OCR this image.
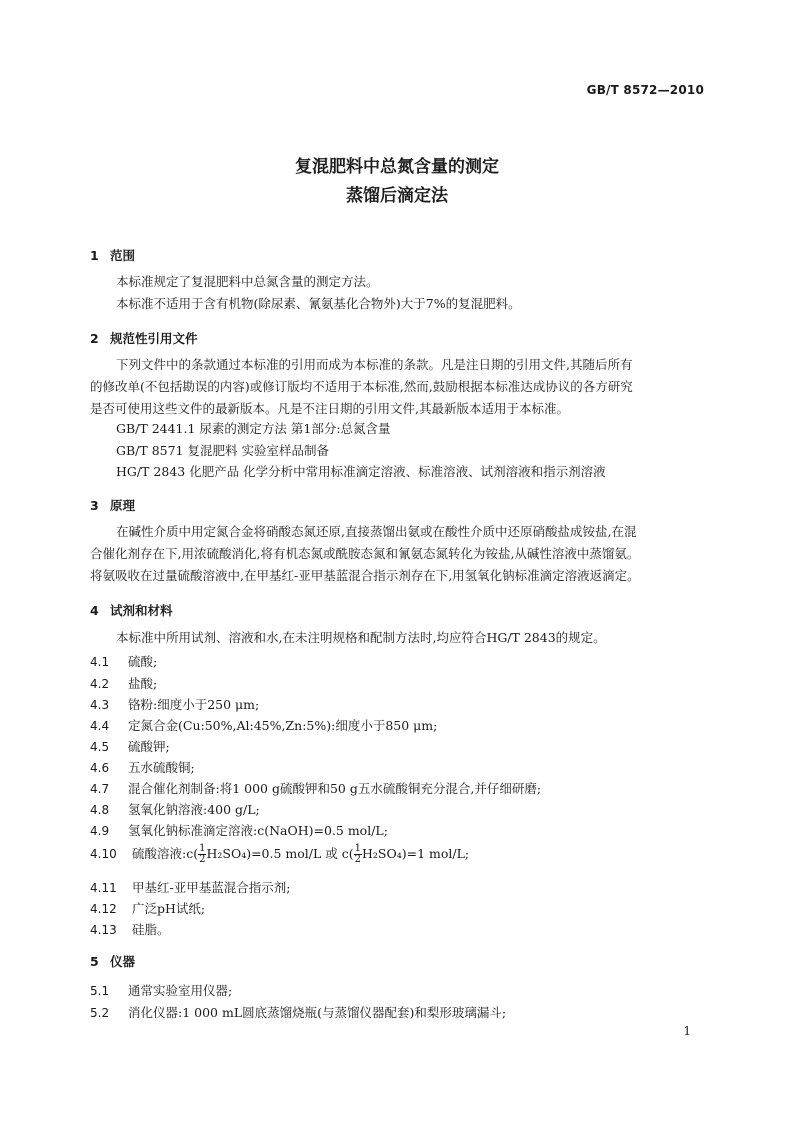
GB/T 8572—2010
复混肥料中总氮含量的测定
蒸馏后滴定法
1 范围
本标准规定了复混肥料中总氮含量的测定方法。
本标准不适用于含有机物(除尿素、氰氨基化合物外)大于7%的复混肥料。
2 规范性引用文件
下列文件中的条款通过本标准的引用而成为本标准的条款。凡是注日期的引用文件,其随后所有
的修改单(不包括勘误的内容)或修订版均不适用于本标准,然而,鼓励根据本标准达成协议的各方研究
是否可使用这些文件的最新版本。凡是不注日期的引用文件,其最新版本适用于本标准。
GB/T 2441.1 尿素的测定方法 第1部分:总氮含量
GB/T 8571 复混肥料 实验室样品制备
HG/T 2843 化肥产品 化学分析中常用标准滴定溶液、标准溶液、试剂溶液和指示剂溶液
3 原理
在碱性介质中用定氮合金将硝酸态氮还原,直接蒸馏出氨或在酸性介质中还原硝酸盐成铵盐,在混
合催化剂存在下,用浓硫酸消化,将有机态氮或酰胺态氮和氰氨态氮转化为铵盐,从碱性溶液中蒸馏氨。
将氨吸收在过量硫酸溶液中,在甲基红-亚甲基蓝混合指示剂存在下,用氢氧化钠标准滴定溶液返滴定。
4 试剂和材料
本标准中所用试剂、溶液和水,在未注明规格和配制方法时,均应符合HG/T 2843的规定。
4.1 硫酸;
4.2 盐酸;
4.3 铬粉:细度小于250 μm;
4.4 定氮合金(Cu:50%,Al:45%,Zn:5%):细度小于850 μm;
4.5 硫酸钾;
4.6 五水硫酸铜;
4.7 混合催化剂制备:将1 000 g硫酸钾和50 g五水硫酸铜充分混合,并仔细研磨;
4.8 氢氧化钠溶液:400 g/L;
4.9 氢氧化钠标准滴定溶液:c(NaOH)=0.5 mol/L;
4.10 硫酸溶液:c( $\frac{1}{2} H_2SO_4)=0.5$ mol/L 或 $c( \frac{1}{2} H_2SO_4)=1$ mol/L;
4.11 甲基红-亚甲基蓝混合指示剂;
4.12 广泛pH试纸;
4.13 硅脂。
5 仪器
5.1 通常实验室用仪器;
5.2 消化仪器:1 000 mL圆底蒸馏烧瓶(与蒸馏仪器配套)和梨形玻璃漏斗;
1
